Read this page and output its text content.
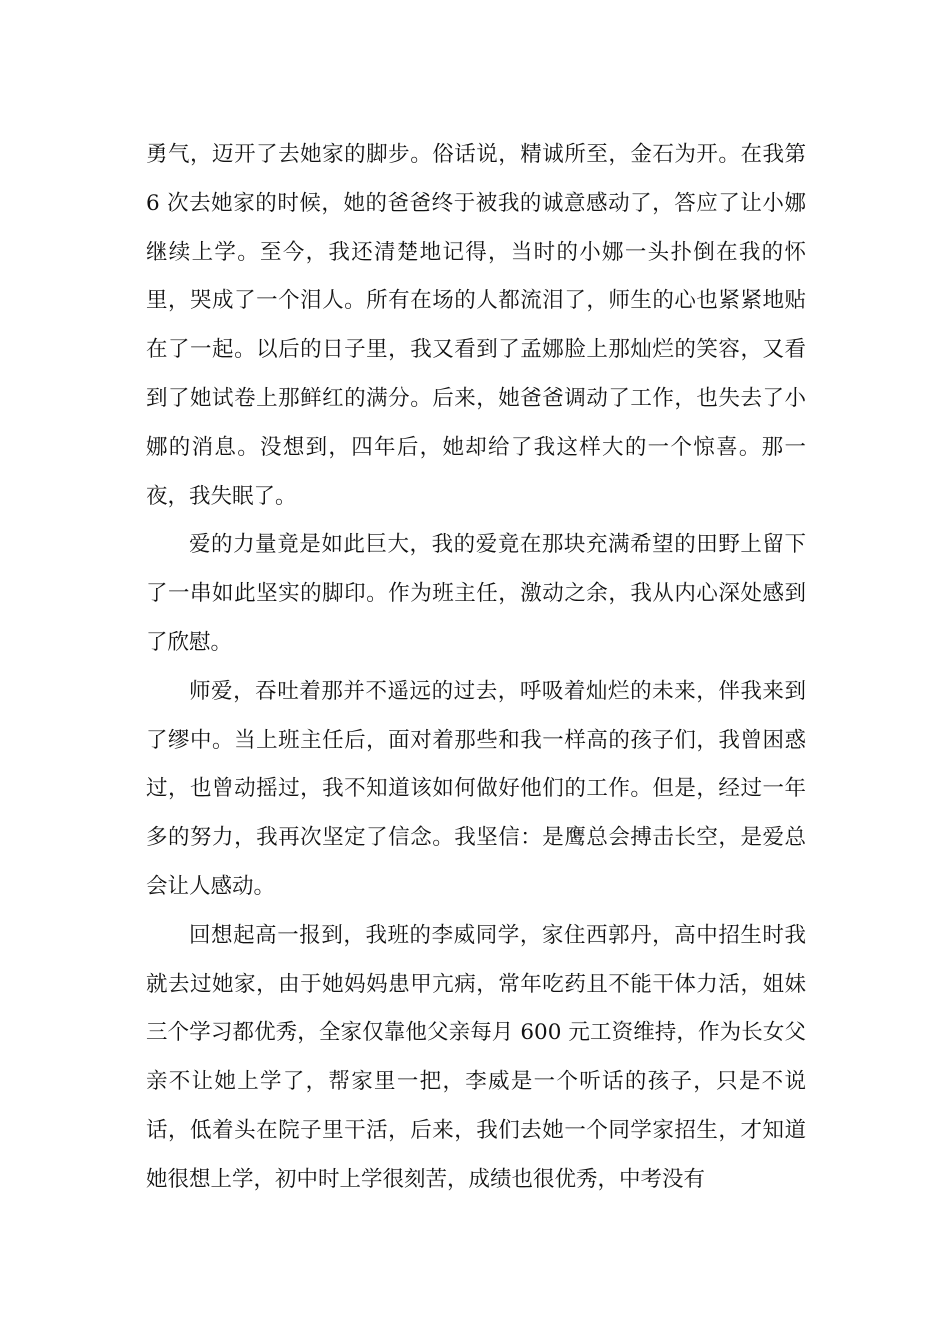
勇气，迈开了去她家的脚步。俗话说，精诚所至，金石为开。在我第 6 次去她家的时候，她的爸爸终于被我的诚意感动了，答应了让小娜继续上学。至今，我还清楚地记得，当时的小娜一头扑倒在我的怀里，哭成了一个泪人。所有在场的人都流泪了，师生的心也紧紧地贴在了一起。以后的日子里，我又看到了孟娜脸上那灿烂的笑容，又看到了她试卷上那鲜红的满分。后来，她爸爸调动了工作，也失去了小娜的消息。没想到，四年后，她却给了我这样大的一个惊喜。那一夜，我失眠了。

爱的力量竟是如此巨大，我的爱竟在那块充满希望的田野上留下了一串如此坚实的脚印。作为班主任，激动之余，我从内心深处感到了欣慰。

师爱，吞吐着那并不遥远的过去，呼吸着灿烂的未来，伴我来到了缪中。当上班主任后，面对着那些和我一样高的孩子们，我曾困惑过，也曾动摇过，我不知道该如何做好他们的工作。但是，经过一年多的努力，我再次坚定了信念。我坚信：是鹰总会搏击长空，是爱总会让人感动。

回想起高一报到，我班的李威同学，家住西郭丹，高中招生时我就去过她家，由于她妈妈患甲亢病，常年吃药且不能干体力活，姐妹三个学习都优秀，全家仅靠他父亲每月 600 元工资维持，作为长女父亲不让她上学了，帮家里一把，李威是一个听话的孩子，只是不说话，低着头在院子里干活，后来，我们去她一个同学家招生，才知道她很想上学，初中时上学很刻苦，成绩也很优秀，中考没有
